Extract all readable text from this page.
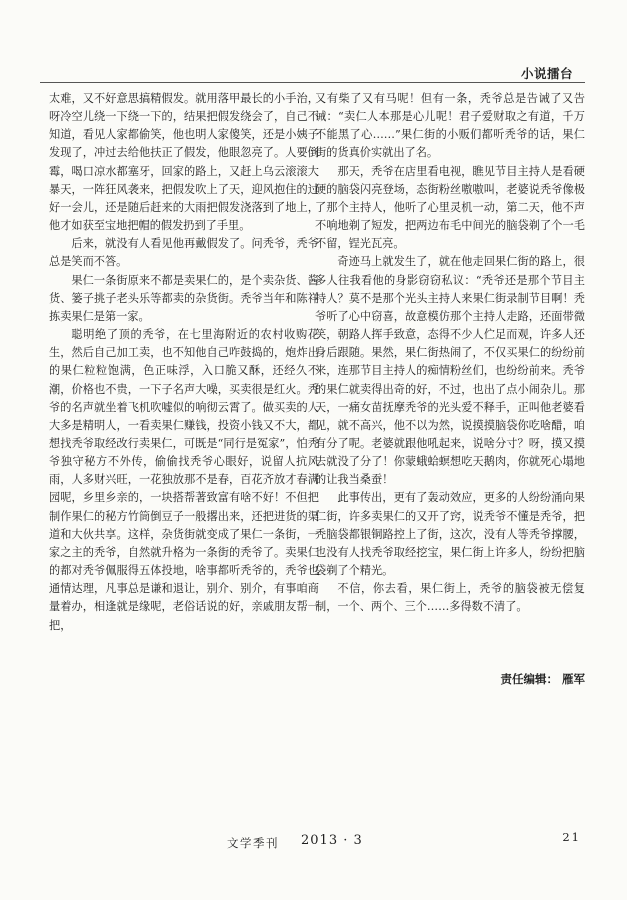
小说擂台

太难，又不好意思搞精假发。就用落甲最长的小手治，呀冷空儿绕一下绕一下的，结果把假发绕会了，自己不知道，看见人家都偷笑，他也明人家傻笑，还是小姨子发现了，冲过去给他扶正了假发，他眼忽亮了。人要倒霉，喝口凉水都塞牙，回家的路上，又赶上乌云滚滚大暴天，一阵狂风袭来，把假发吹上了天，迎风抱住的过好一会儿，还是随后赶来的大雨把假发浇落到了地上，他才如获至宝地把帽的假发扔到了手里。

后来，就没有人看见他再戴假发了。问秃爷，秃爷总是笑而不答。

果仁一条街原来不都是卖果仁的，是个卖杂货、酱货、篓子挑子老头乐等都卖的杂货街。秃爷当年和陈祥拣卖果仁是第一家。

聪明绝了顶的秃爷，在七里海附近的农村收购花生，然后自己加工卖，也不知他自己咋鼓捣的，炮炸出的果仁粒粒饱满，色正味浮，入口脆又酥，还经久不潮，价格也不贵，一下子名声大噪，买卖很是红火。秃爷的名声就坐着飞机吹嘘似的响彻云霄了。做买卖的人大多是精明人，一看卖果仁赚钱，投资小钱又不大，都想找秃爷取经改行卖果仁，可既是“同行是冤家”，怕秃爷独守秘方不外传，偷偷找秃爷心眼好，说留人抗风雨，人多财兴旺，一花独放那不是春，百花齐放才春满园呢，乡里乡亲的，一块搭帮著致富有啥不好！不但把制作果仁的秘方竹筒倒豆子一般撂出来，还把进货的渠道和大伙共享。这样，杂货街就变成了果仁一条街，一家之主的秃爷，自然就升格为一条街的秃爷了。卖果仁的都对秃爷佩服得五体投地，啥事都听秃爷的，秃爷也通情达理，凡事总是谦和退让，别介、别介，有事咱商量着办，相逢就是缘呢，老俗话说的好，亲戚朋友帮一把，

又有柴了又有马呢！但有一条，秃爷总是告诫了又告诫：“卖仁人本那是心儿呢！君子爱财取之有道，千万不能黑了心……”果仁街的小贩们都听秃爷的话，果仁街的货真价实就出了名。

那天，秃爷在店里看电视，瞧见节目主持人是看硬硬的脑袋闪亮登场，态街粉丝嗷嗷叫，老婆说秃爷像极了那个主持人，他听了心里灵机一动，第二天，他不声不响地剃了短发，把两边布毛中间光的脑袋剃了个一毛不留，锃光瓦亮。

奇迹马上就发生了，就在他走回果仁街的路上，很多人往我看他的身影窃窃私议：“秃爷还是那个节目主持人？莫不是那个光头主持人来果仁街录制节目啊！秃爷听了心中窃喜，故意模仿那个主持人走路，还面带微笑，朝路人挥手致意，态得不少人伫足而观，许多人还身后跟随。果然，果仁街热闹了，不仅买果仁的纷纷前来，连那节目主持人的痴情粉丝们，也纷纷前来。秃爷的果仁就卖得出奇的好，不过，也出了点小闹杂儿。那天，一痛女苗抚摩秃爷的光头爱不释手，正叫他老婆看见，就不高兴，他不以为然，说摸摸脑袋你吃啥醋，咱有分了呢。老婆就跟他吼起来，说啥分寸？呀，摸又摸去就没了分了！你蒙蛾蛤螟想吃天鹅肉，你就死心塌地的让我当桑蚕！

此事传出，更有了轰动效应，更多的人纷纷涌向果仁街，许多卖果仁的又开了窍，说秃爷不懂是秃爷，把秃脑袋都银铜路控上了街，这次，没有人等秃爷撑腰，也没有人找秃爷取经挖宝，果仁街上许多人，纷纷把脑袋剃了个精光。

不信，你去看，果仁街上，秃爷的脑袋被无偿复制，一个、两个、三个……多得数不清了。

责任编辑： 雁军
文学季刊 2013 · 3	21
